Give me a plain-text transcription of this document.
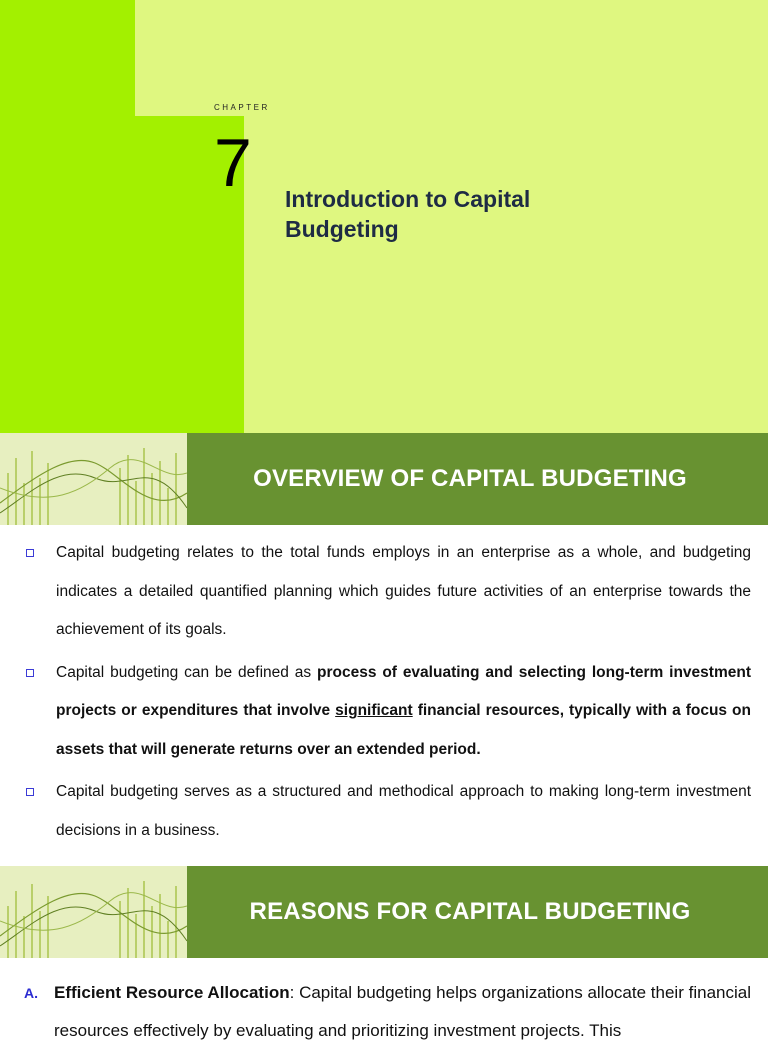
CHAPTER
7 Introduction to Capital
Budgeting
OVERVIEW OF CAPITAL BUDGETING
Capital budgeting relates to the total funds employs in an enterprise as a whole, and budgeting indicates a detailed quantified planning which guides future activities of an enterprise towards the achievement of its goals.
Capital budgeting can be defined as process of evaluating and selecting long-term investment projects or expenditures that involve significant financial resources, typically with a focus on assets that will generate returns over an extended period.
Capital budgeting serves as a structured and methodical approach to making long-term investment decisions in a business.
REASONS FOR CAPITAL BUDGETING
A. Efficient Resource Allocation: Capital budgeting helps organizations allocate their financial resources effectively by evaluating and prioritizing investment projects. This
